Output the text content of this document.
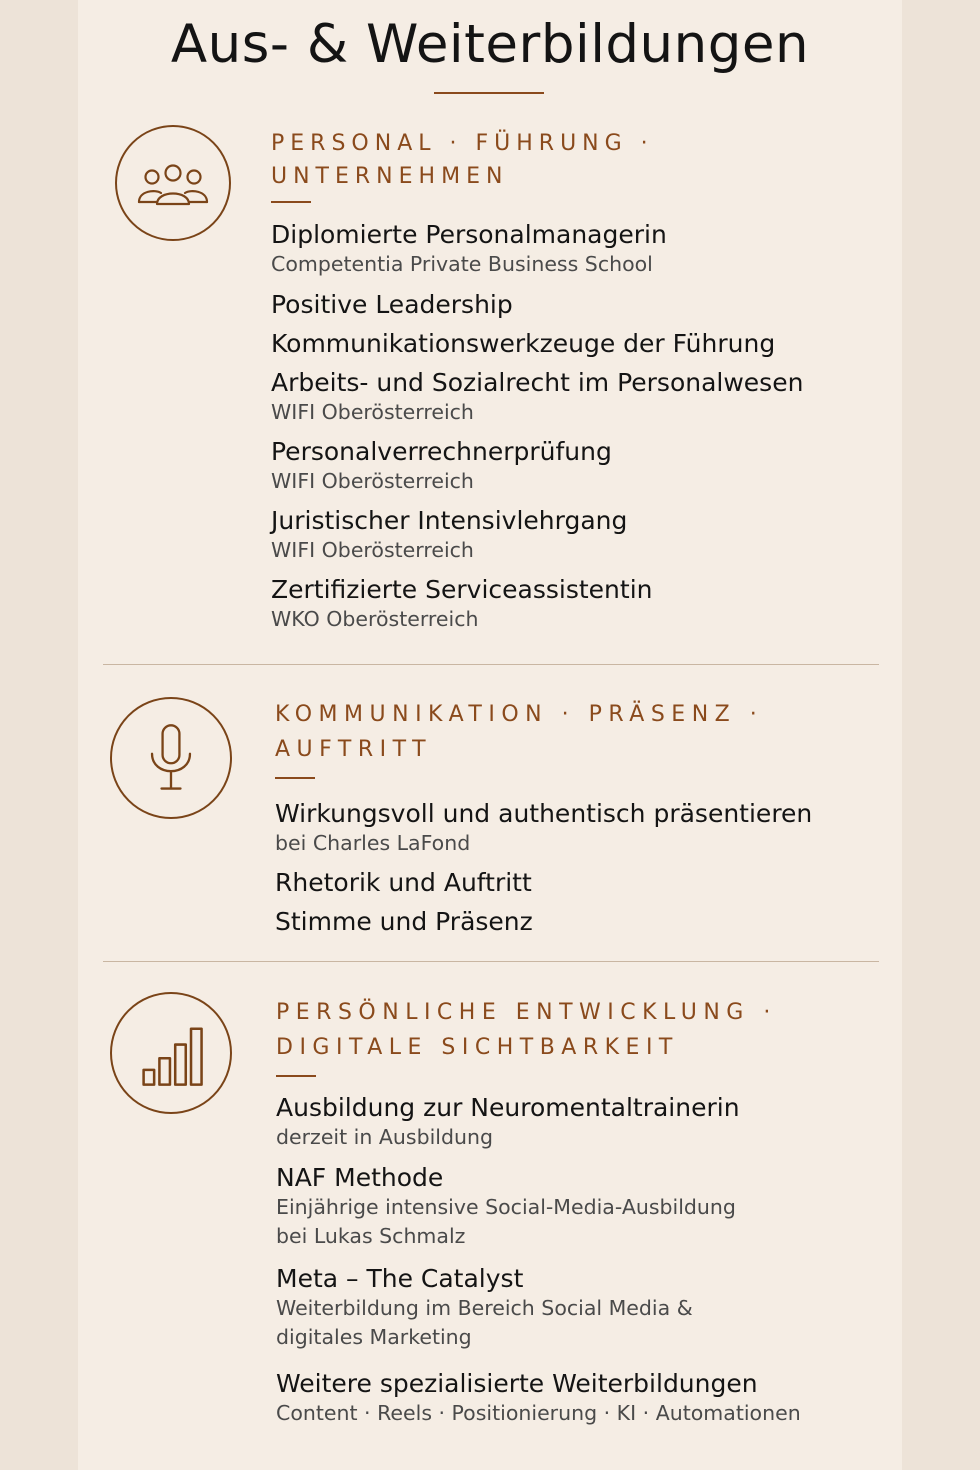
Aus- & Weiterbildungen
PERSONAL · FÜHRUNG ·
UNTERNEHMEN
Diplomierte Personalmanagerin
Competentia Private Business School
Positive Leadership
Kommunikationswerkzeuge der Führung
Arbeits- und Sozialrecht im Personalwesen
WIFI Oberösterreich
Personalverrechnerprüfung
WIFI Oberösterreich
Juristischer Intensivlehrgang
WIFI Oberösterreich
Zertifizierte Serviceassistentin
WKO Oberösterreich
KOMMUNIKATION · PRÄSENZ ·
AUFTRITT
Wirkungsvoll und authentisch präsentieren
bei Charles LaFond
Rhetorik und Auftritt
Stimme und Präsenz
PERSÖNLICHE ENTWICKLUNG ·
DIGITALE SICHTBARKEIT
Ausbildung zur Neuromentaltrainerin
derzeit in Ausbildung
NAF Methode
Einjährige intensive Social-Media-Ausbildung
bei Lukas Schmalz
Meta – The Catalyst
Weiterbildung im Bereich Social Media &
digitales Marketing
Weitere spezialisierte Weiterbildungen
Content · Reels · Positionierung · KI · Automationen
